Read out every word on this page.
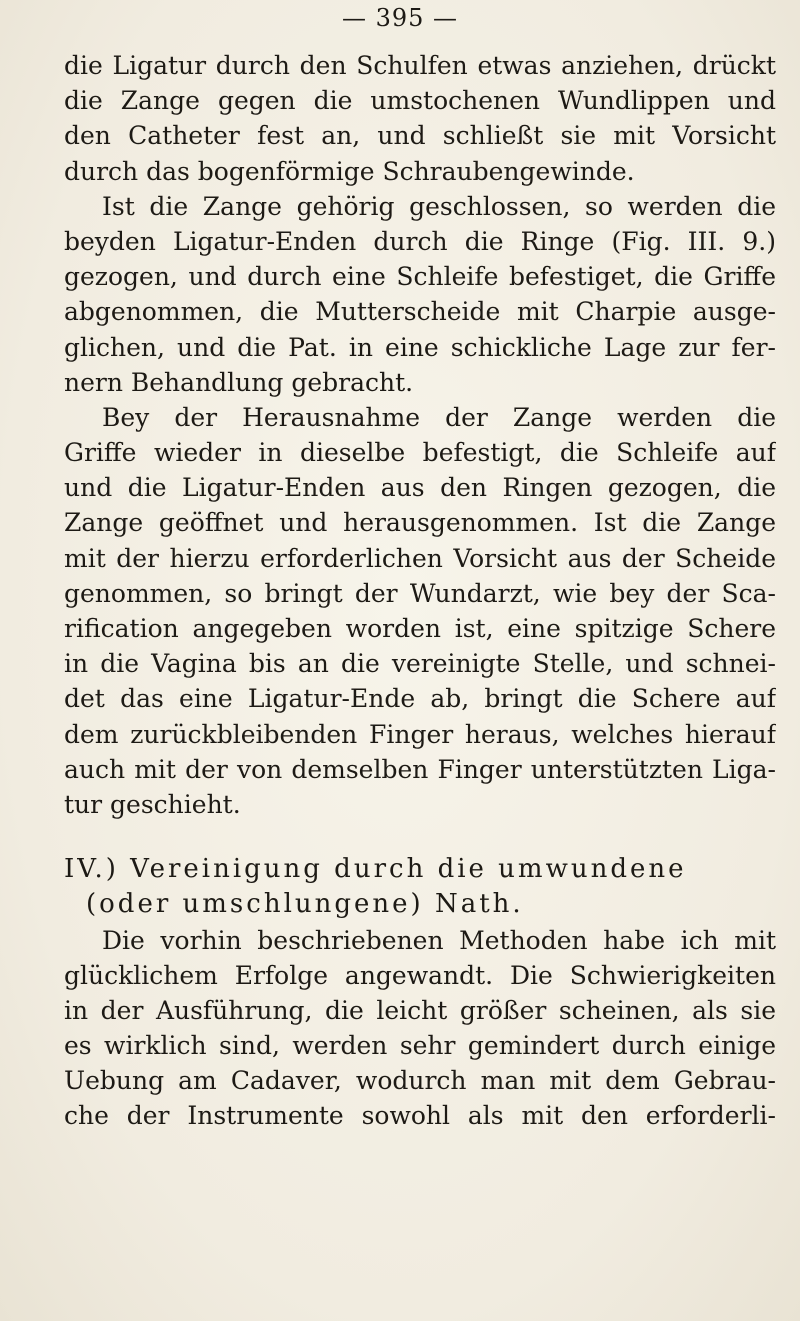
— 395 —
die Ligatur durch den Schulfen etwas anziehen, drückt
die Zange gegen die umstochenen Wundlippen und
den Catheter fest an, und schließt sie mit Vorsicht
durch das bogenförmige Schraubengewinde.
Ist die Zange gehörig geschlossen, so werden die
beyden Ligatur-Enden durch die Ringe (Fig. III. 9.)
gezogen, und durch eine Schleife befestiget, die Griffe
abgenommen, die Mutterscheide mit Charpie ausge-
glichen, und die Pat. in eine schickliche Lage zur fer-
nern Behandlung gebracht.
Bey der Herausnahme der Zange werden die
Griffe wieder in dieselbe befestigt, die Schleife auf
und die Ligatur-Enden aus den Ringen gezogen, die
Zange geöffnet und herausgenommen. Ist die Zange
mit der hierzu erforderlichen Vorsicht aus der Scheide
genommen, so bringt der Wundarzt, wie bey der Sca-
rification angegeben worden ist, eine spitzige Schere
in die Vagina bis an die vereinigte Stelle, und schnei-
det das eine Ligatur-Ende ab, bringt die Schere auf
dem zurückbleibenden Finger heraus, welches hierauf
auch mit der von demselben Finger unterstützten Liga-
tur geschieht.
IV.) Vereinigung durch die umwundene
(oder umschlungene) Nath.
Die vorhin beschriebenen Methoden habe ich mit
glücklichem Erfolge angewandt. Die Schwierigkeiten
in der Ausführung, die leicht größer scheinen, als sie
es wirklich sind, werden sehr gemindert durch einige
Uebung am Cadaver, wodurch man mit dem Gebrau-
che der Instrumente sowohl als mit den erforderli-
